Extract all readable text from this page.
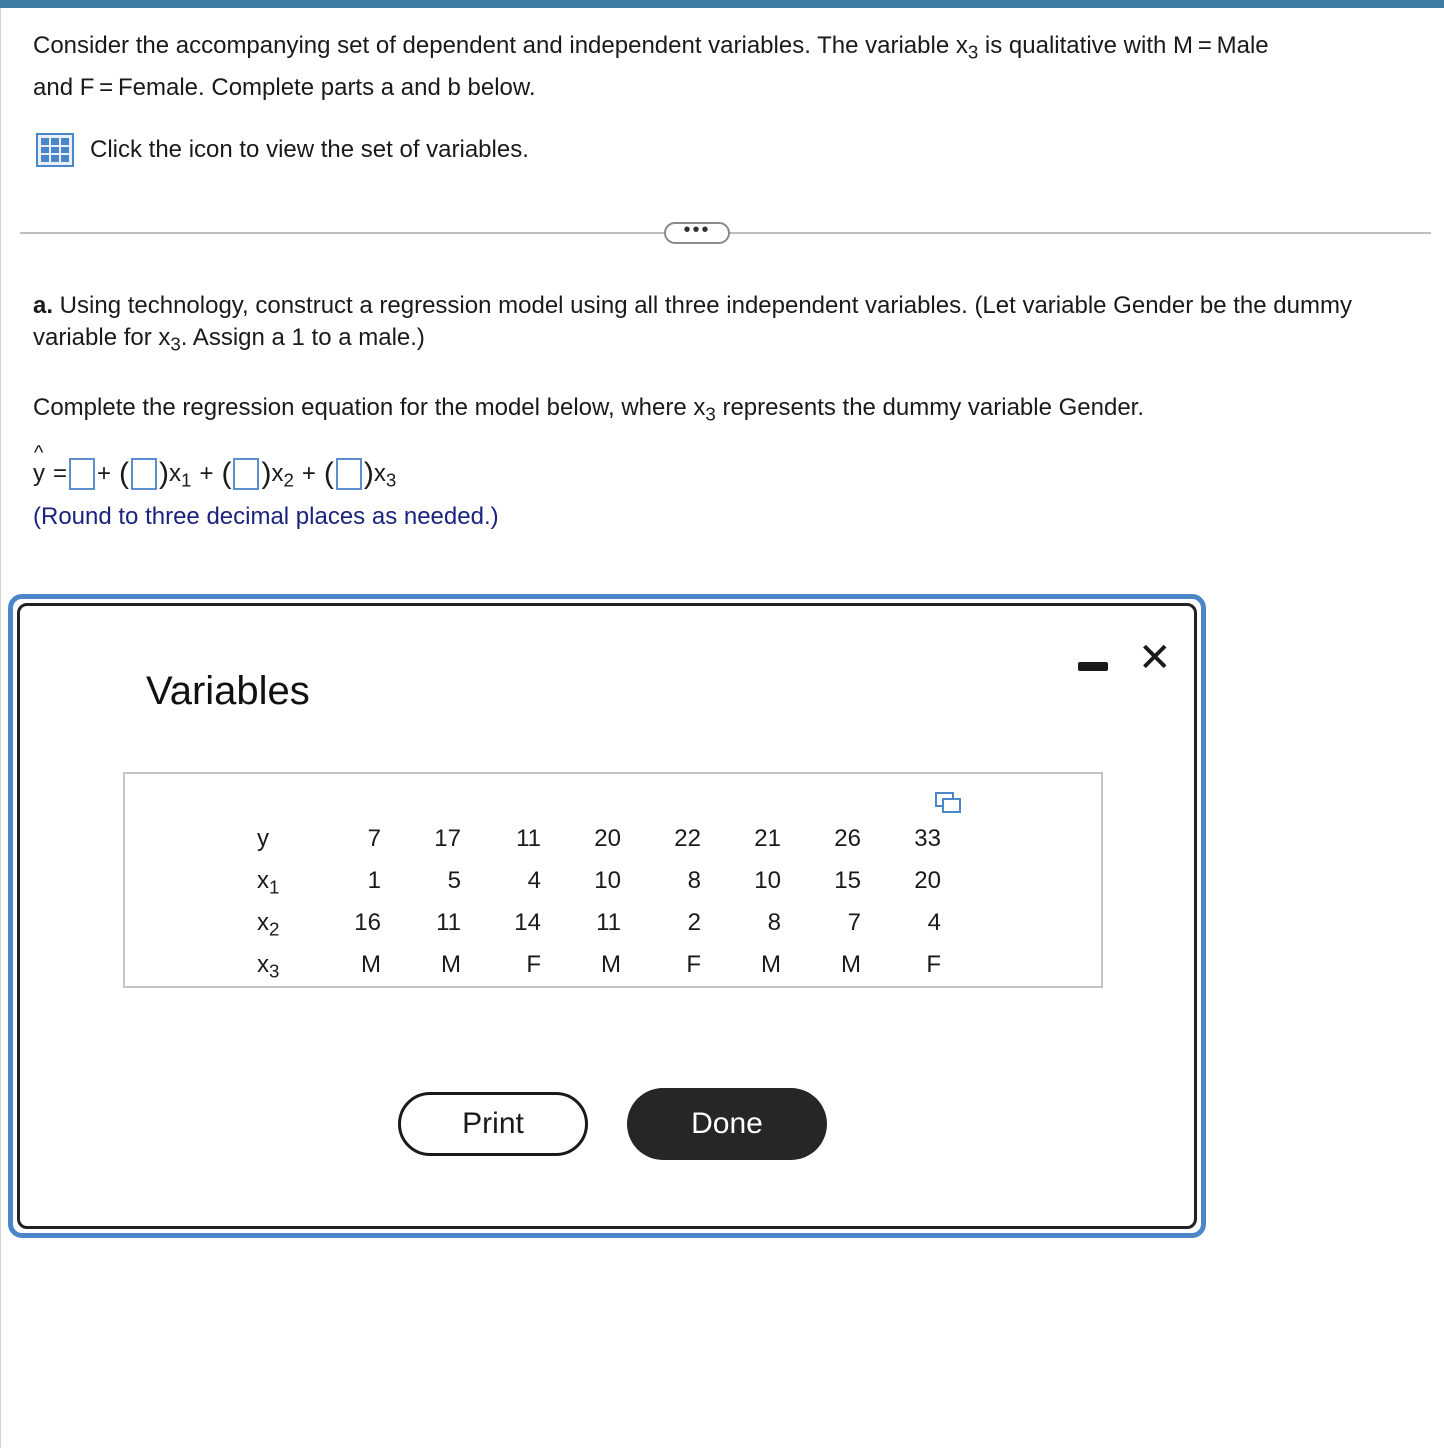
Consider the accompanying set of dependent and independent variables. The variable $x_3$ is qualitative with M = Male
and F = Female. Complete parts a and b below.
Click the icon to view the set of variables.
•••
a. Using technology, construct a regression model using all three independent variables. (Let variable Gender be the dummy variable for $x_3$. Assign a 1 to a male.)
Complete the regression equation for the model below, where $x_3$ represents the dummy variable Gender.
^ y = + ( ) $x_1$ + ( ) $x_2$ + ( ) $x_3$
(Round to three decimal places as needed.)
Variables
✕
y	7	17	11	20	22	21	26	33
$x_1$	1	5	4	10	8	10	15	20
$x_2$	16	11	14	11	2	8	7	4
$x_3$	M	M	F	M	F	M	M	F
Print	Done
